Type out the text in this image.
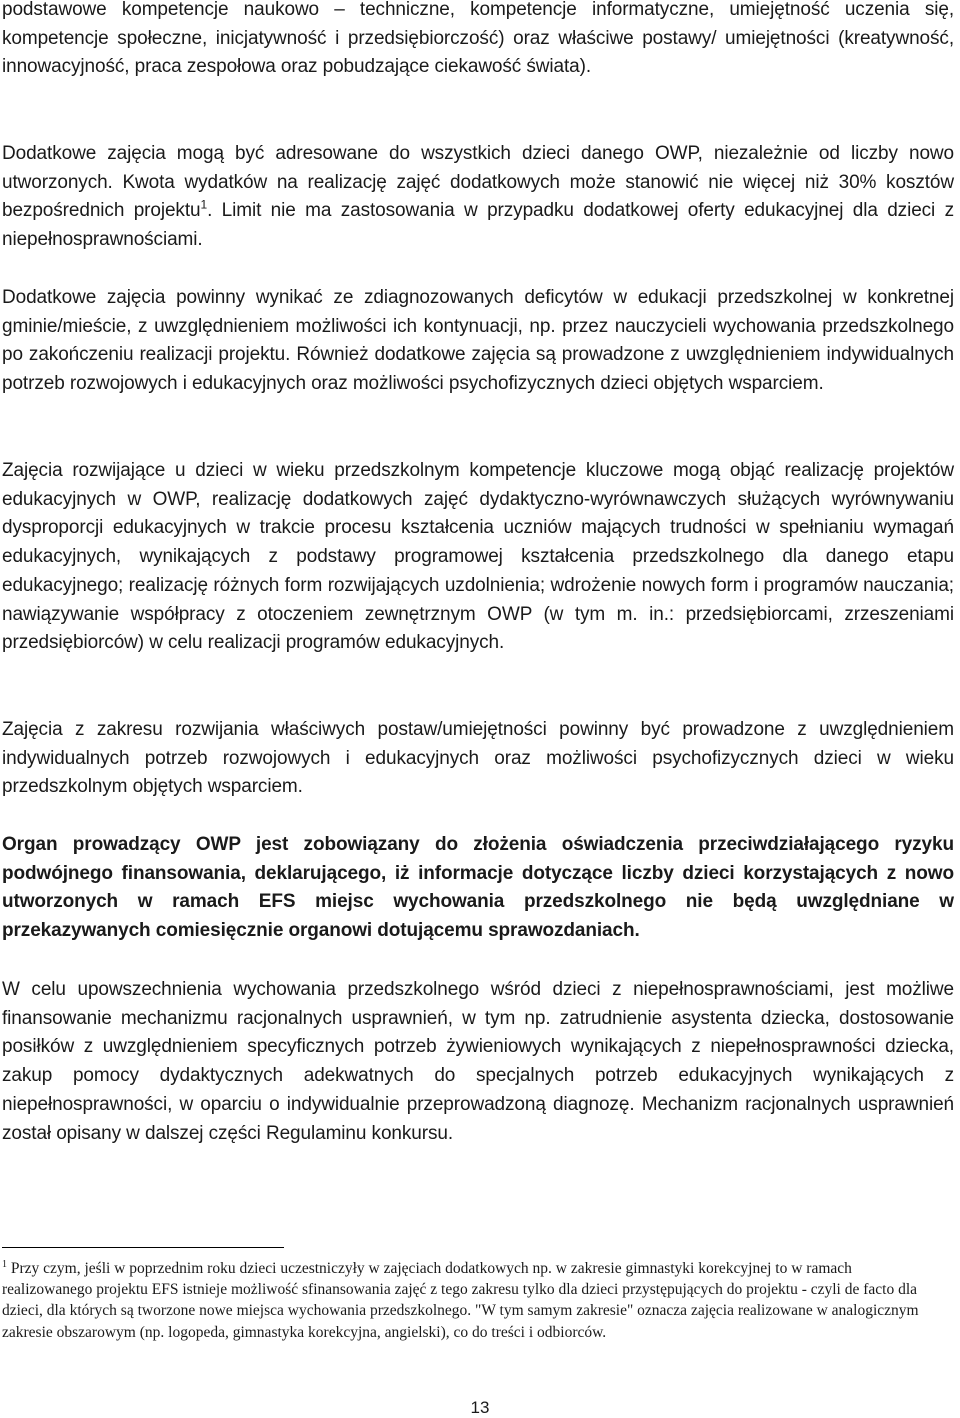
podstawowe kompetencje naukowo – techniczne, kompetencje informatyczne, umiejętność uczenia się, kompetencje społeczne, inicjatywność i przedsiębiorczość) oraz właściwe postawy/ umiejętności (kreatywność, innowacyjność, praca zespołowa oraz pobudzające ciekawość świata).

Dodatkowe zajęcia mogą być adresowane do wszystkich dzieci danego OWP, niezależnie od liczby nowo utworzonych. Kwota wydatków na realizację zajęć dodatkowych może stanowić nie więcej niż 30% kosztów bezpośrednich projektu$^1$. Limit nie ma zastosowania w przypadku dodatkowej oferty edukacyjnej dla dzieci z niepełnosprawnościami.

Dodatkowe zajęcia powinny wynikać ze zdiagnozowanych deficytów w edukacji przedszkolnej w konkretnej gminie/mieście, z uwzględnieniem możliwości ich kontynuacji, np. przez nauczycieli wychowania przedszkolnego po zakończeniu realizacji projektu. Również dodatkowe zajęcia są prowadzone z uwzględnieniem indywidualnych potrzeb rozwojowych i edukacyjnych oraz możliwości psychofizycznych dzieci objętych wsparciem.

Zajęcia rozwijające u dzieci w wieku przedszkolnym kompetencje kluczowe mogą objąć realizację projektów edukacyjnych w OWP, realizację dodatkowych zajęć dydaktyczno-wyrównawczych służących wyrównywaniu dysproporcji edukacyjnych w trakcie procesu kształcenia uczniów mających trudności w spełnianiu wymagań edukacyjnych, wynikających z podstawy programowej kształcenia przedszkolnego dla danego etapu edukacyjnego; realizację różnych form rozwijających uzdolnienia; wdrożenie nowych form i programów nauczania; nawiązywanie współpracy z otoczeniem zewnętrznym OWP (w tym m. in.: przedsiębiorcami, zrzeszeniami przedsiębiorców) w celu realizacji programów edukacyjnych.

Zajęcia z zakresu rozwijania właściwych postaw/umiejętności powinny być prowadzone z uwzględnieniem indywidualnych potrzeb rozwojowych i edukacyjnych oraz możliwości psychofizycznych dzieci w wieku przedszkolnym objętych wsparciem.

Organ prowadzący OWP jest zobowiązany do złożenia oświadczenia przeciwdziałającego ryzyku podwójnego finansowania, deklarującego, iż informacje dotyczące liczby dzieci korzystających z nowo utworzonych w ramach EFS miejsc wychowania przedszkolnego nie będą uwzględniane w przekazywanych comiesięcznie organowi dotującemu sprawozdaniach.

W celu upowszechnienia wychowania przedszkolnego wśród dzieci z niepełnosprawnościami, jest możliwe finansowanie mechanizmu racjonalnych usprawnień, w tym np. zatrudnienie asystenta dziecka, dostosowanie posiłków z uwzględnieniem specyficznych potrzeb żywieniowych wynikających z niepełnosprawności dziecka, zakup pomocy dydaktycznych adekwatnych do specjalnych potrzeb edukacyjnych wynikających z niepełnosprawności, w oparciu o indywidualnie przeprowadzoną diagnozę. Mechanizm racjonalnych usprawnień został opisany w dalszej części Regulaminu konkursu.

$^1$ Przy czym, jeśli w poprzednim roku dzieci uczestniczyły w zajęciach dodatkowych np. w zakresie gimnastyki korekcyjnej to w ramach realizowanego projektu EFS istnieje możliwość sfinansowania zajęć z tego zakresu tylko dla dzieci przystępujących do projektu - czyli de facto dla dzieci, dla których są tworzone nowe miejsca wychowania przedszkolnego. "W tym samym zakresie" oznacza zajęcia realizowane w analogicznym zakresie obszarowym (np. logopeda, gimnastyka korekcyjna, angielski), co do treści i odbiorców.

13
